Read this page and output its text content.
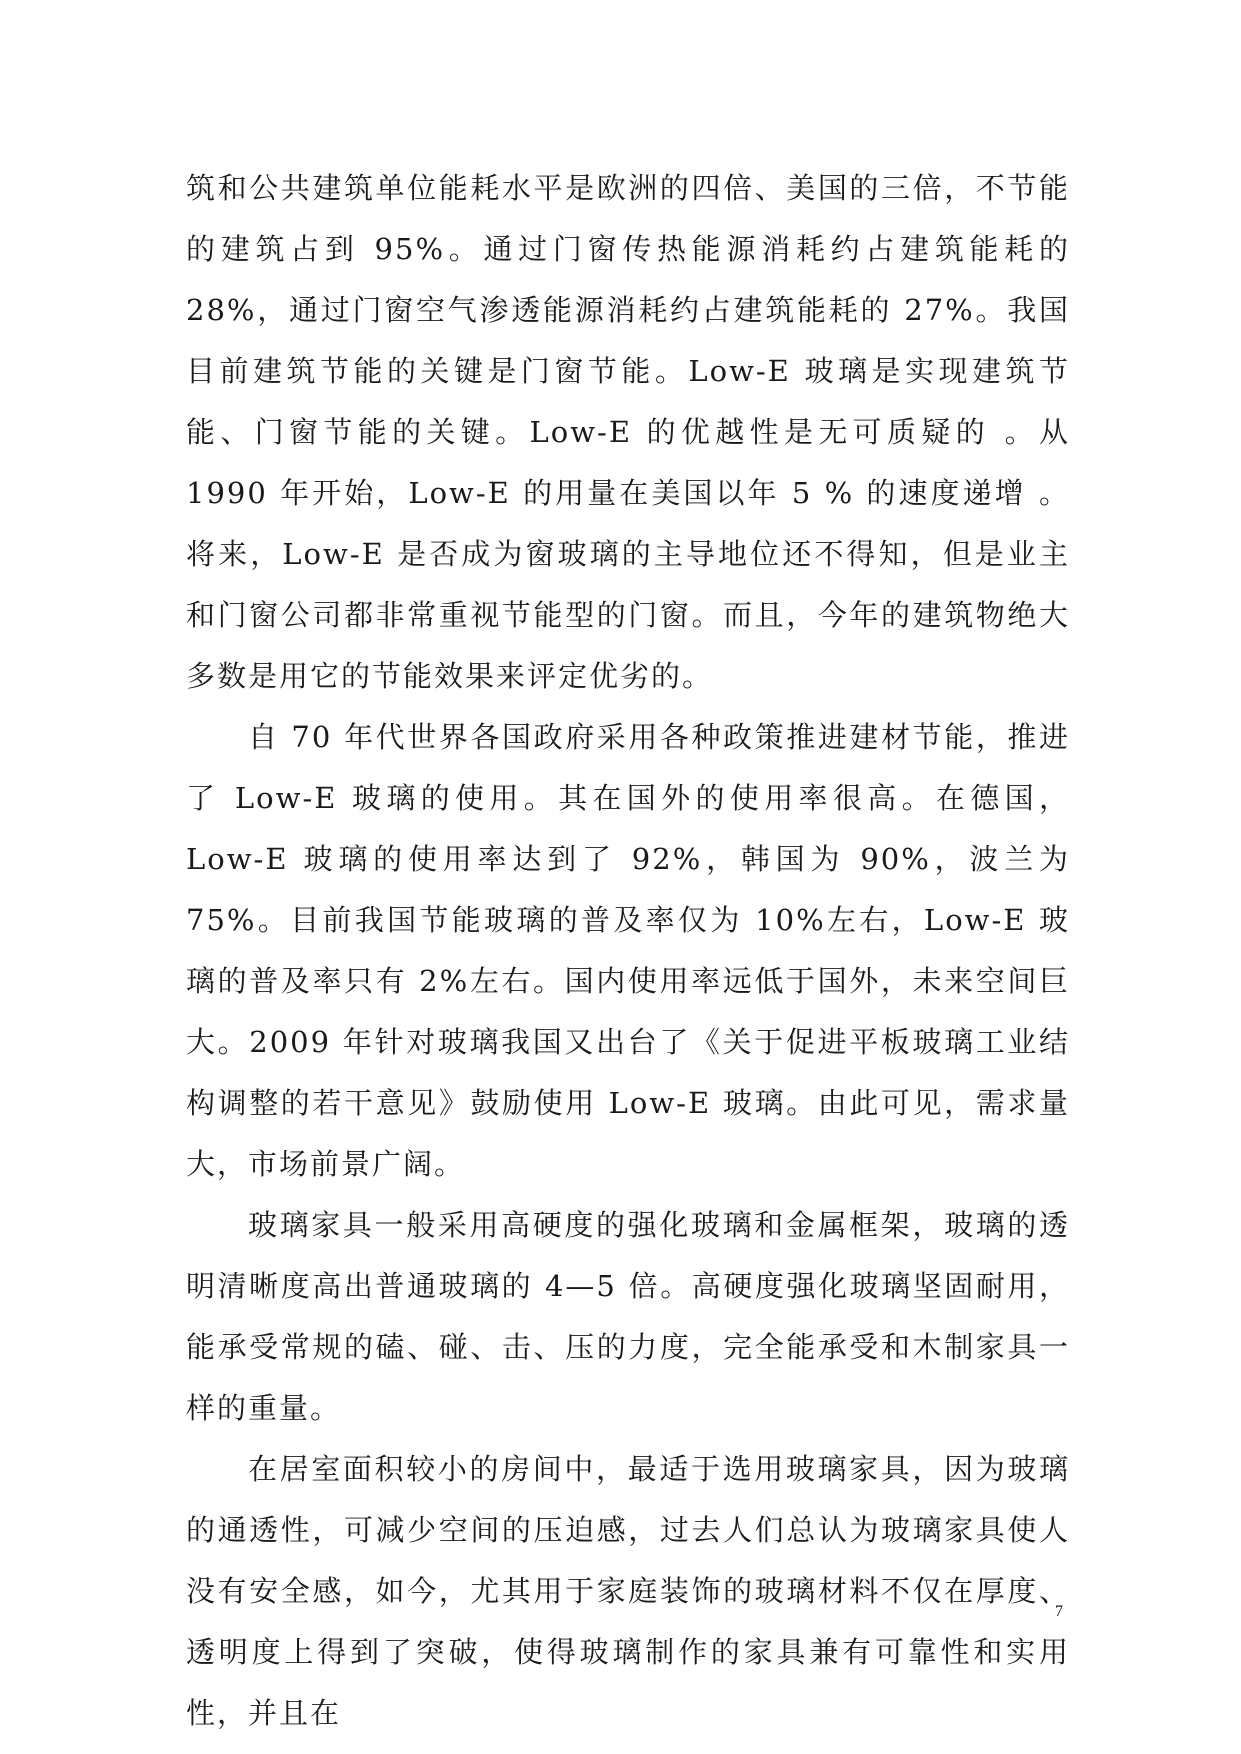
筑和公共建筑单位能耗水平是欧洲的四倍、美国的三倍，不节能的建筑占到 95%。通过门窗传热能源消耗约占建筑能耗的 28%，通过门窗空气渗透能源消耗约占建筑能耗的 27%。我国目前建筑节能的关键是门窗节能。Low-E 玻璃是实现建筑节能、门窗节能的关键。Low-E 的优越性是无可质疑的 。从 1990 年开始，Low-E 的用量在美国以年 5 % 的速度递增 。将来，Low-E 是否成为窗玻璃的主导地位还不得知，但是业主和门窗公司都非常重视节能型的门窗。而且，今年的建筑物绝大多数是用它的节能效果来评定优劣的。

自 70 年代世界各国政府采用各种政策推进建材节能，推进了 Low-E 玻璃的使用。其在国外的使用率很高。在德国，Low-E 玻璃的使用率达到了 92%，韩国为 90%，波兰为 75%。目前我国节能玻璃的普及率仅为 10%左右，Low-E 玻璃的普及率只有 2%左右。国内使用率远低于国外，未来空间巨大。2009 年针对玻璃我国又出台了《关于促进平板玻璃工业结构调整的若干意见》鼓励使用 Low-E 玻璃。由此可见，需求量大，市场前景广阔。

玻璃家具一般采用高硬度的强化玻璃和金属框架，玻璃的透明清晰度高出普通玻璃的 4—5 倍。高硬度强化玻璃坚固耐用，能承受常规的磕、碰、击、压的力度，完全能承受和木制家具一样的重量。

在居室面积较小的房间中，最适于选用玻璃家具，因为玻璃的通透性，可减少空间的压迫感，过去人们总认为玻璃家具使人没有安全感，如今，尤其用于家庭装饰的玻璃材料不仅在厚度、透明度上得到了突破，使得玻璃制作的家具兼有可靠性和实用性，并且在

7
